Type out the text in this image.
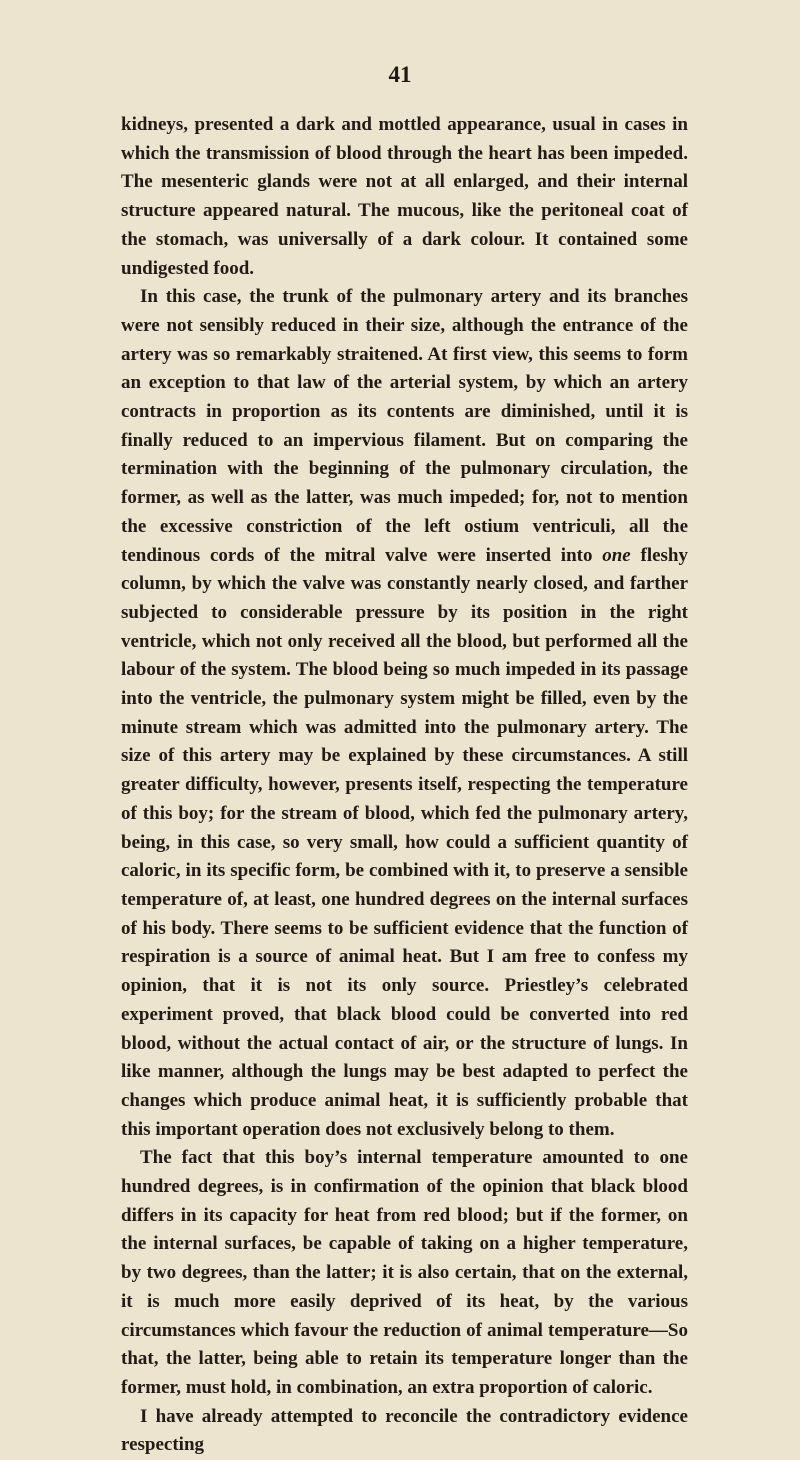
41

kidneys, presented a dark and mottled appearance, usual in cases in which the transmission of blood through the heart has been impeded. The mesenteric glands were not at all enlarged, and their internal structure appeared natural. The mucous, like the peritoneal coat of the stomach, was universally of a dark colour. It contained some undigested food.

In this case, the trunk of the pulmonary artery and its branches were not sensibly reduced in their size, although the entrance of the artery was so remarkably straitened. At first view, this seems to form an exception to that law of the arterial system, by which an artery contracts in proportion as its contents are diminished, until it is finally reduced to an impervious filament. But on comparing the termination with the beginning of the pulmonary circulation, the former, as well as the latter, was much impeded; for, not to mention the excessive constriction of the left ostium ventriculi, all the tendinous cords of the mitral valve were inserted into one fleshy column, by which the valve was constantly nearly closed, and farther subjected to considerable pressure by its position in the right ventricle, which not only received all the blood, but performed all the labour of the system. The blood being so much impeded in its passage into the ventricle, the pulmonary system might be filled, even by the minute stream which was admitted into the pulmonary artery. The size of this artery may be explained by these circumstances. A still greater difficulty, however, presents itself, respecting the temperature of this boy; for the stream of blood, which fed the pulmonary artery, being, in this case, so very small, how could a sufficient quantity of caloric, in its specific form, be combined with it, to preserve a sensible temperature of, at least, one hundred degrees on the internal surfaces of his body. There seems to be sufficient evidence that the function of respiration is a source of animal heat. But I am free to confess my opinion, that it is not its only source. Priestley’s celebrated experiment proved, that black blood could be converted into red blood, without the actual contact of air, or the structure of lungs. In like manner, although the lungs may be best adapted to perfect the changes which produce animal heat, it is sufficiently probable that this important operation does not exclusively belong to them.

The fact that this boy’s internal temperature amounted to one hundred degrees, is in confirmation of the opinion that black blood differs in its capacity for heat from red blood; but if the former, on the internal surfaces, be capable of taking on a higher temperature, by two degrees, than the latter; it is also certain, that on the external, it is much more easily deprived of its heat, by the various circumstances which favour the reduction of animal temperature—So that, the latter, being able to retain its temperature longer than the former, must hold, in combination, an extra proportion of caloric.

I have already attempted to reconcile the contradictory evidence respecting
